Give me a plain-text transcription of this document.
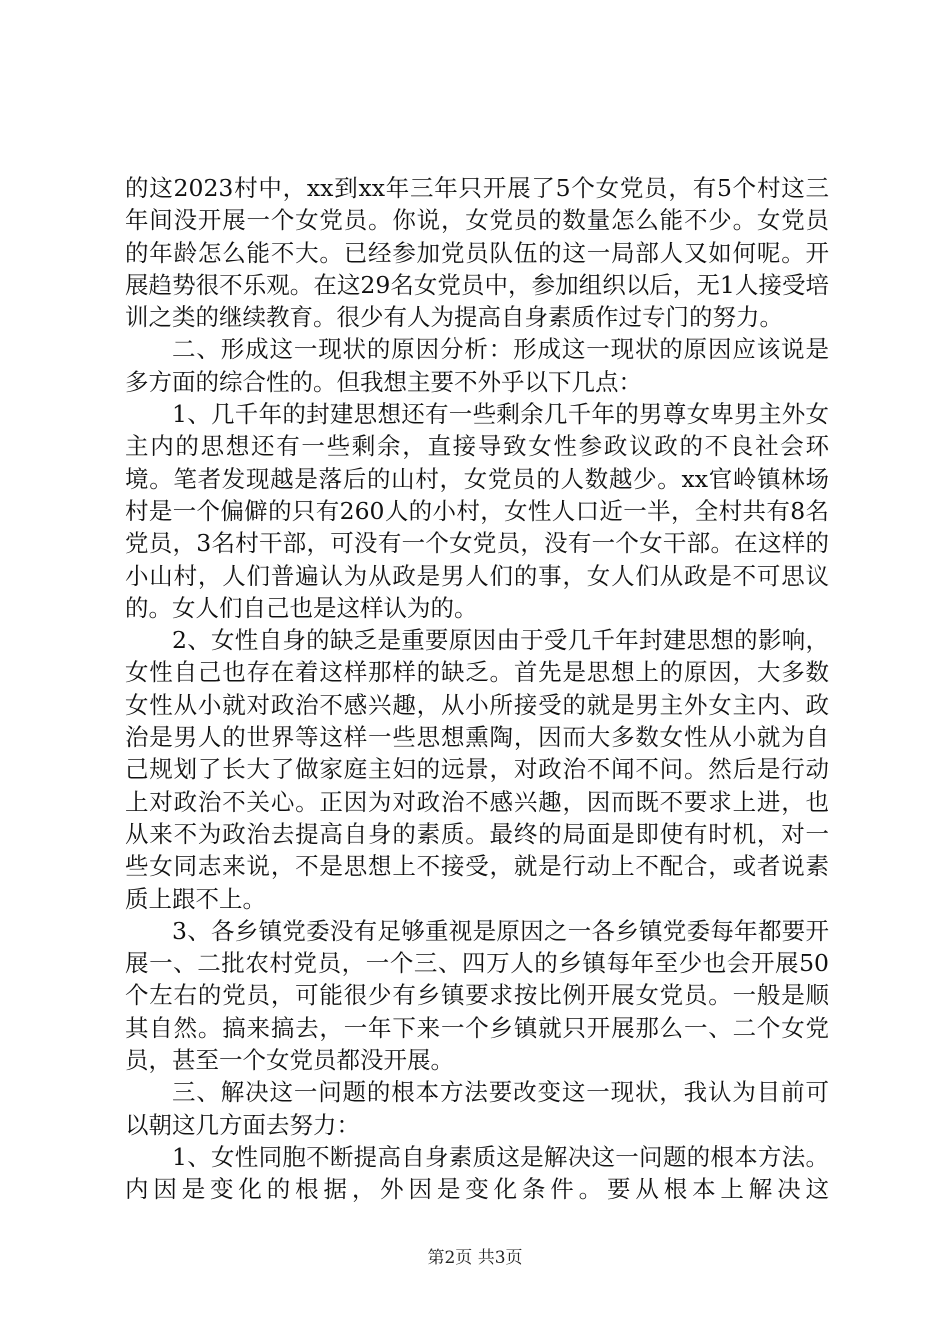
的这2023村中，xx到xx年三年只开展了5个女党员，有5个村这三年间没开展一个女党员。你说，女党员的数量怎么能不少。女党员的年龄怎么能不大。已经参加党员队伍的这一局部人又如何呢。开展趋势很不乐观。在这29名女党员中，参加组织以后，无1人接受培训之类的继续教育。很少有人为提高自身素质作过专门的努力。

二、形成这一现状的原因分析：形成这一现状的原因应该说是多方面的综合性的。但我想主要不外乎以下几点：

1、几千年的封建思想还有一些剩余几千年的男尊女卑男主外女主内的思想还有一些剩余，直接导致女性参政议政的不良社会环境。笔者发现越是落后的山村，女党员的人数越少。xx官岭镇林场村是一个偏僻的只有260人的小村，女性人口近一半，全村共有8名党员，3名村干部，可没有一个女党员，没有一个女干部。在这样的小山村，人们普遍认为从政是男人们的事，女人们从政是不可思议的。女人们自己也是这样认为的。

2、女性自身的缺乏是重要原因由于受几千年封建思想的影响，女性自己也存在着这样那样的缺乏。首先是思想上的原因，大多数女性从小就对政治不感兴趣，从小所接受的就是男主外女主内、政治是男人的世界等这样一些思想熏陶，因而大多数女性从小就为自己规划了长大了做家庭主妇的远景，对政治不闻不问。然后是行动上对政治不关心。正因为对政治不感兴趣，因而既不要求上进，也从来不为政治去提高自身的素质。最终的局面是即使有时机，对一些女同志来说，不是思想上不接受，就是行动上不配合，或者说素质上跟不上。

3、各乡镇党委没有足够重视是原因之一各乡镇党委每年都要开展一、二批农村党员，一个三、四万人的乡镇每年至少也会开展50个左右的党员，可能很少有乡镇要求按比例开展女党员。一般是顺其自然。搞来搞去，一年下来一个乡镇就只开展那么一、二个女党员，甚至一个女党员都没开展。

三、解决这一问题的根本方法要改变这一现状，我认为目前可以朝这几方面去努力：

1、女性同胞不断提高自身素质这是解决这一问题的根本方法。内因是变化的根据，外因是变化条件。要从根本上解决这

第2页 共3页
